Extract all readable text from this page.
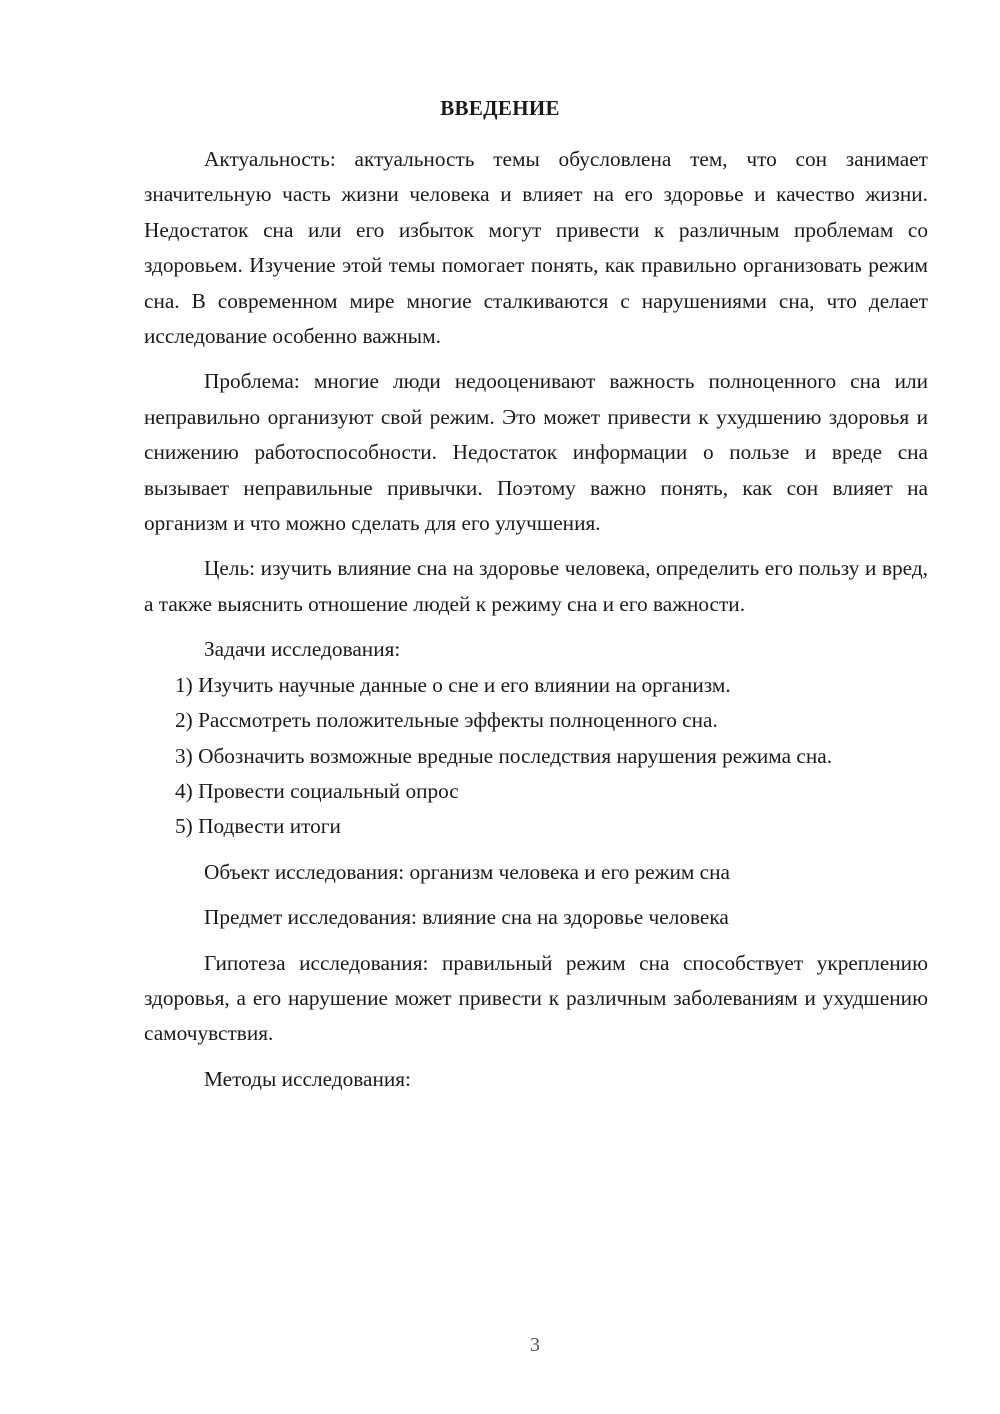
ВВЕДЕНИЕ

Актуальность: актуальность темы обусловлена тем, что сон занимает значительную часть жизни человека и влияет на его здоровье и качество жизни. Недостаток сна или его избыток могут привести к различным проблемам со здоровьем. Изучение этой темы помогает понять, как правильно организовать режим сна. В современном мире многие сталкиваются с нарушениями сна, что делает исследование особенно важным.

Проблема: многие люди недооценивают важность полноценного сна или неправильно организуют свой режим. Это может привести к ухудшению здоровья и снижению работоспособности. Недостаток информации о пользе и вреде сна вызывает неправильные привычки. Поэтому важно понять, как сон влияет на организм и что можно сделать для его улучшения.

Цель: изучить влияние сна на здоровье человека, определить его пользу и вред, а также выяснить отношение людей к режиму сна и его важности.

Задачи исследования:

1) Изучить научные данные о сне и его влиянии на организм.

2) Рассмотреть положительные эффекты полноценного сна.

3) Обозначить возможные вредные последствия нарушения режима сна.

4) Провести социальный опрос

5) Подвести итоги

Объект исследования: организм человека и его режим сна

Предмет исследования: влияние сна на здоровье человека

Гипотеза исследования: правильный режим сна способствует укреплению здоровья, а его нарушение может привести к различным заболеваниям и ухудшению самочувствия.

Методы исследования:

3
